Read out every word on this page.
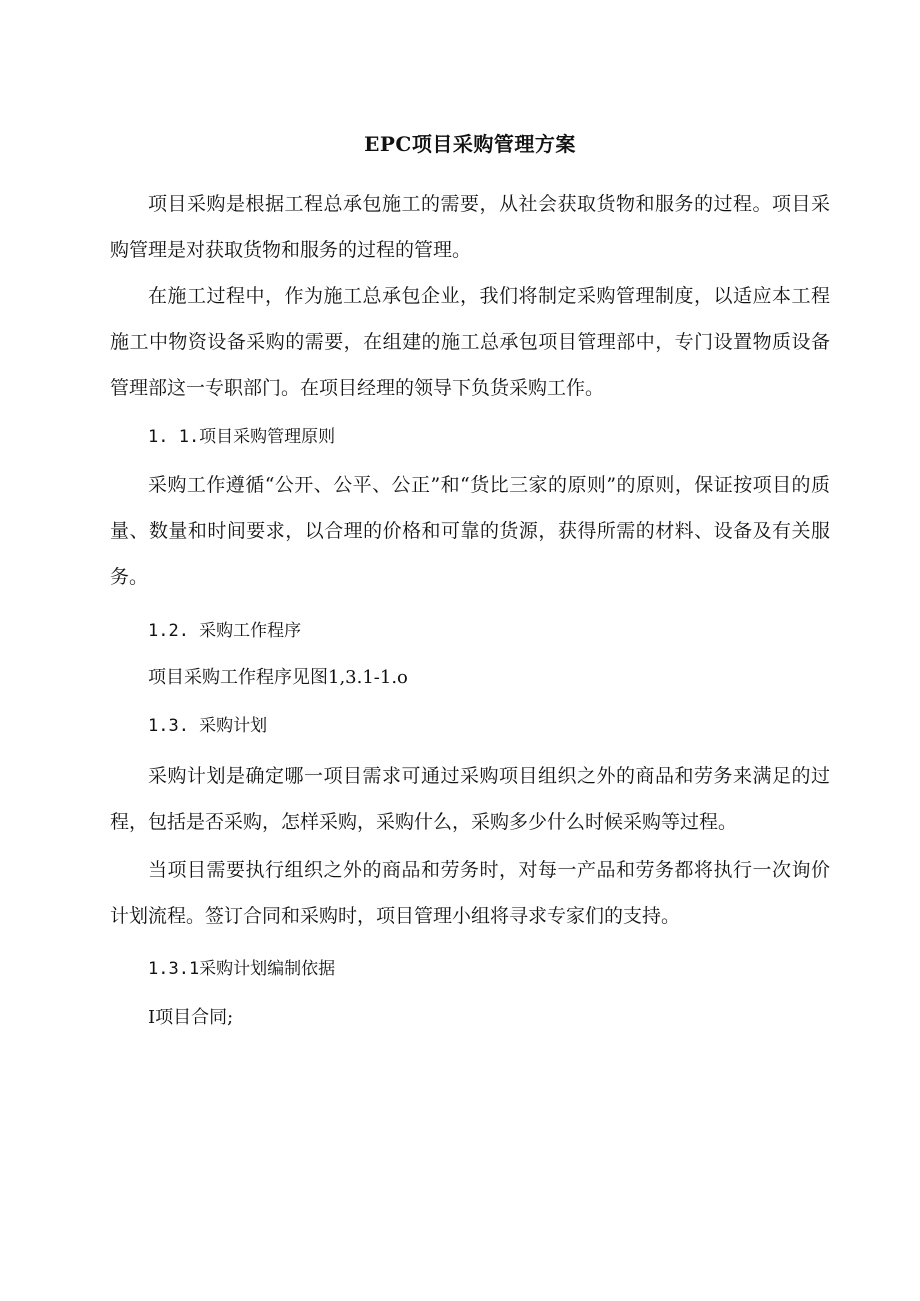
EPC项目采购管理方案

项目采购是根据工程总承包施工的需要，从社会获取货物和服务的过程。项目采购管理是对获取货物和服务的过程的管理。

在施工过程中，作为施工总承包企业，我们将制定采购管理制度，以适应本工程施工中物资设备采购的需要，在组建的施工总承包项目管理部中，专门设置物质设备管理部这一专职部门。在项目经理的领导下负货采购工作。

1. 1.项目采购管理原则

采购工作遵循“公开、公平、公正”和“货比三家的原则”的原则，保证按项目的质量、数量和时间要求，以合理的价格和可靠的货源，获得所需的材料、设备及有关服务。

1.2. 采购工作程序

项目采购工作程序见图1,3.1-1.o

1.3. 采购计划

采购计划是确定哪一项目需求可通过采购项目组织之外的商品和劳务来满足的过程，包括是否采购，怎样采购，采购什么，采购多少什么时候采购等过程。

当项目需要执行组织之外的商品和劳务时，对每一产品和劳务都将执行一次询价计划流程。签订合同和采购时，项目管理小组将寻求专家们的支持。

1.3.1采购计划编制依据

I项目合同;
